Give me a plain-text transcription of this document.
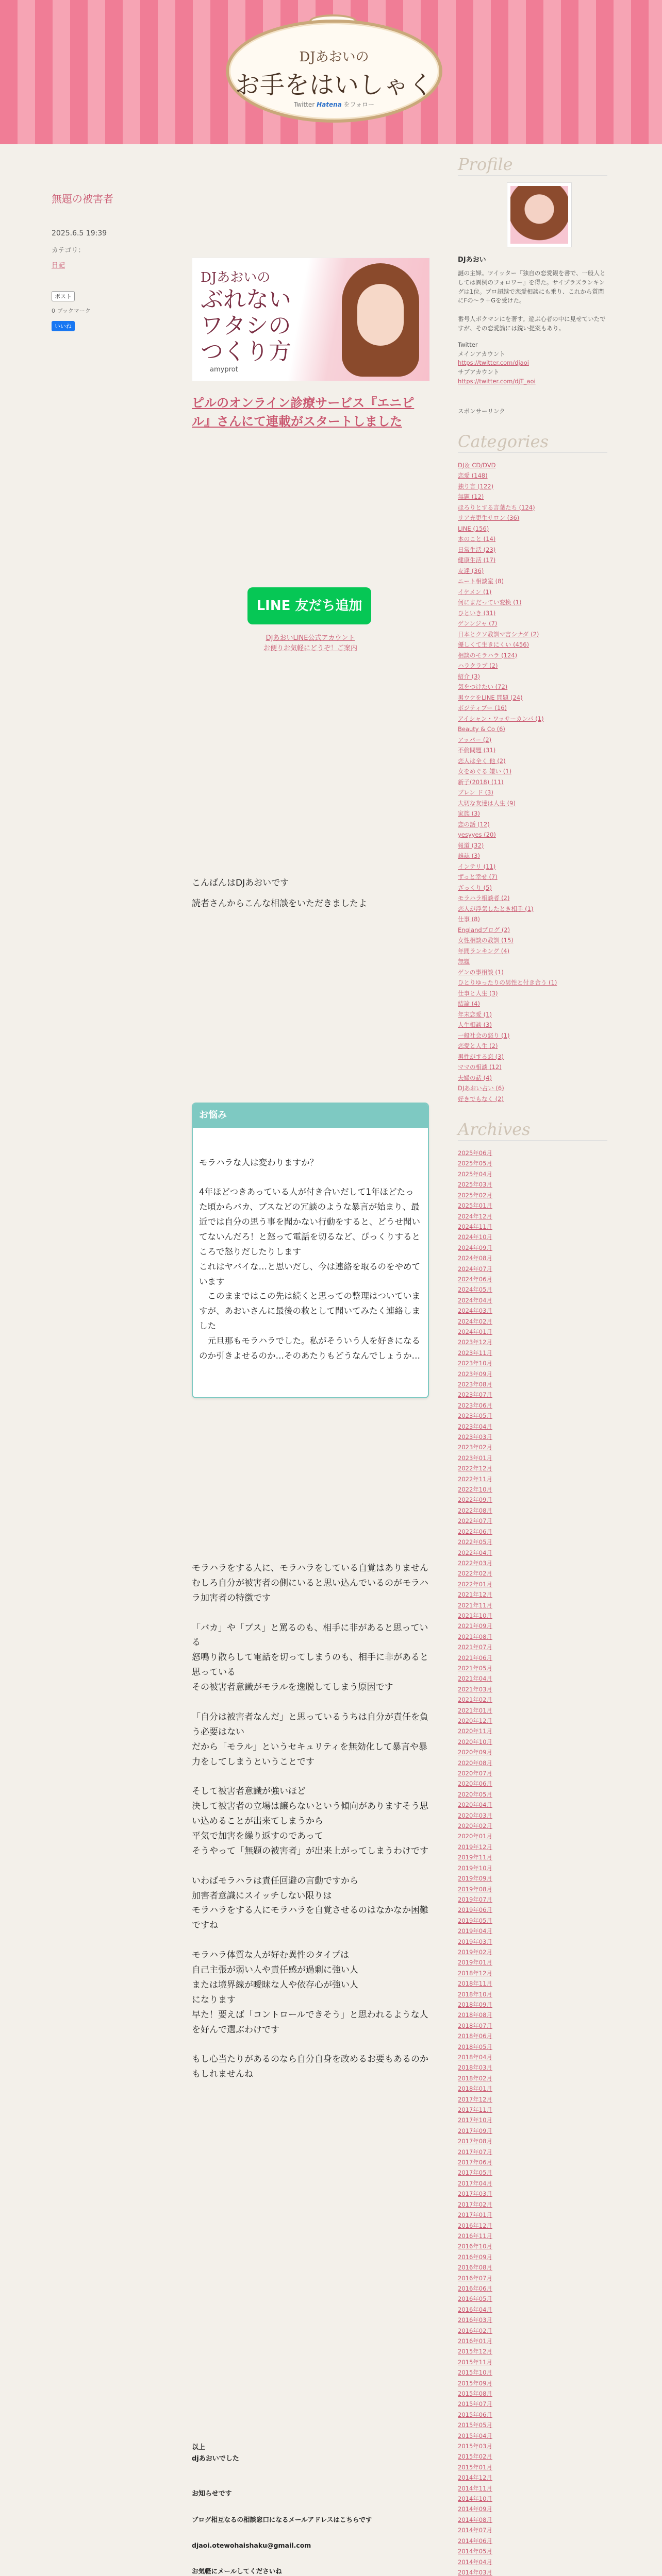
DJあおいの
お手をはいしゃく
Twitter Hatena をフォロー
無題の被害者
2025.6.5 19:39
カテゴリ：
日記
ポスト
0 ブックマーク
いいね
DJあおいの
ぶれない
ワタシの
つくり方
amyprot
ピルのオンライン診療サービス『エニピル』さんにて連載がスタートしました
LINE 友だち追加
DJあおいLINE公式アカウント
お便りお気軽にどうぞ！ご案内
こんばんはDJあおいです
読者さんからこんな相談をいただきましたよ
お悩み
モラハラな人は変わりますか？

4年ほどつきあっている人が付き合いだして1年ほどたった頃からバカ、ブスなどの冗談のような暴言が始まり、最近では自分の思う事を聞かない行動をすると、どうせ聞いてないんだろ！と怒って電話を切るなど、ぴっくりするところで怒りだしたりします
これはヤバイな…と思いだし、今は連絡を取るのをやめています
　このままではこの先は続くと思っての整理はついていますが、あおいさんに最後の救として聞いてみたく連絡しました
　元旦那もモラハラでした。私がそういう人を好きになるのか引きよせるのか…そのあたりもどうなんでしょうか…
モラハラをする人に、モラハラをしている自覚はありません
むしろ自分が被害者の側にいると思い込んでいるのがモラハラ加害者の特徴です

「バカ」や「ブス」と罵るのも、相手に非があると思っている
怒鳴り散らして電話を切ってしまうのも、相手に非があると思っている
その被害者意識がモラルを逸脱してしまう原因です

「自分は被害者なんだ」と思っているうちは自分が責任を負う必要はない
だから「モラル」というセキュリティを無効化して暴言や暴力をしてしまうということです

そして被害者意識が強いほど
決して被害者の立場は譲らないという傾向がありますそう思い込めることが出来てしまうから
平気で加害を繰り返すのであって
そうやって「無題の被害者」が出来上がってしまうわけです

いわばモラハラは責任回避の言動ですから
加害者意識にスイッチしない限りは
モラハラをする人にモラハラを自覚させるのはなかなか困難ですね

モラハラ体質な人が好む異性のタイプは
自己主張が弱い人や責任感が過剰に強い人
または境界線が曖昧な人や依存心が強い人
になります
早た！要えば「コントロールできそう」と思われるような人を好んで選ぶわけです

もし心当たりがあるのなら自分自身を改めるお要もあるのかもしれませんね
以上
djあおいでした
お知らせです
ブログ相互なるの相談窓口になるメールアドレスはこちらです
djaoi.otewohaishaku@gmail.com
お気軽にメールしてくださいね
Profile
DJあおい
謎の主婦。ツイッター『独自の恋愛観を書で、一般人としては異例のフォロワー』を得た。サイプラズランキングは1位。ブロ超越で恋愛相談にも乗り、これから質問にFの〜ラ＋Gを受けた。

番号人ボクマンにを著す。遊ぶ心者の中に見せていたですが、その恋愛論には鋭い提案もあり。
Twitter
メインアカウント
https://twitter.com/djaoi
サブアカウント
https://twitter.com/djT_aoi
スポンサーリンク
Categories
DJ＆ CD/DVD
恋愛 (148)
独り言 (122)
無題 (12)
ほろりとする言葉たち (124)
リア充更生サロン (36)
LINE (156)
本のこと (14)
日常生活 (23)
健康生活 (17)
友達 (36)
ニート相談室 (8)
イケメン (1)
何にまだってい変換 (1)
ひといき (31)
ゲンンジャ (7)
日本とクソ教訓マ言シナダ (2)
優しくて生きにくい (456)
相談のモラハラ (124)
ハラクラブ (2)
紹介 (3)
気をつけたい (72)
男ウケをLINE 問題 (24)
ポジティブー (16)
アイシャン・ワッサーカンパ (1)
Beauty & Co (6)
アッパー (2)
不倫問題 (31)
恋人は全く 他 (2)
女をめぐる 嫌い (1)
新子(2018) (11)
ブレン ド (3)
大切な友達は人生 (9)
家族 (3)
恋の話 (12)
yesyyes (20)
報道 (32)
雑誌 (3)
インテリ (11)
ずっと幸せ (7)
ざっくり (5)
モラハラ相談者 (2)
恋人が浮気したとき相手 (1)
仕事 (8)
Englandプログ (2)
女性相談の教訓 (15)
年間ランキング (4)
無題
ゲンの事相談 (1)
ひとりゆったりの男性と付き合う (1)
仕事と人生 (3)
結論 (4)
年末恋愛 (1)
人生相談 (3)
一般社会の怒り (1)
恋愛と人生 (2)
男性がする恋 (3)
ママの相談 (12)
夫婦の話 (4)
DJあおい占い (6)
好きでもなく (2)
Archives
2025年06月
2025年05月
2025年04月
2025年03月
2025年02月
2025年01月
2024年12月
2024年11月
2024年10月
2024年09月
2024年08月
2024年07月
2024年06月
2024年05月
2024年04月
2024年03月
2024年02月
2024年01月
2023年12月
2023年11月
2023年10月
2023年09月
2023年08月
2023年07月
2023年06月
2023年05月
2023年04月
2023年03月
2023年02月
2023年01月
2022年12月
2022年11月
2022年10月
2022年09月
2022年08月
2022年07月
2022年06月
2022年05月
2022年04月
2022年03月
2022年02月
2022年01月
2021年12月
2021年11月
2021年10月
2021年09月
2021年08月
2021年07月
2021年06月
2021年05月
2021年04月
2021年03月
2021年02月
2021年01月
2020年12月
2020年11月
2020年10月
2020年09月
2020年08月
2020年07月
2020年06月
2020年05月
2020年04月
2020年03月
2020年02月
2020年01月
2019年12月
2019年11月
2019年10月
2019年09月
2019年08月
2019年07月
2019年06月
2019年05月
2019年04月
2019年03月
2019年02月
2019年01月
2018年12月
2018年11月
2018年10月
2018年09月
2018年08月
2018年07月
2018年06月
2018年05月
2018年04月
2018年03月
2018年02月
2018年01月
2017年12月
2017年11月
2017年10月
2017年09月
2017年08月
2017年07月
2017年06月
2017年05月
2017年04月
2017年03月
2017年02月
2017年01月
2016年12月
2016年11月
2016年10月
2016年09月
2016年08月
2016年07月
2016年06月
2016年05月
2016年04月
2016年03月
2016年02月
2016年01月
2015年12月
2015年11月
2015年10月
2015年09月
2015年08月
2015年07月
2015年06月
2015年05月
2015年04月
2015年03月
2015年02月
2015年01月
2014年12月
2014年11月
2014年10月
2014年09月
2014年08月
2014年07月
2014年06月
2014年05月
2014年04月
2014年03月
